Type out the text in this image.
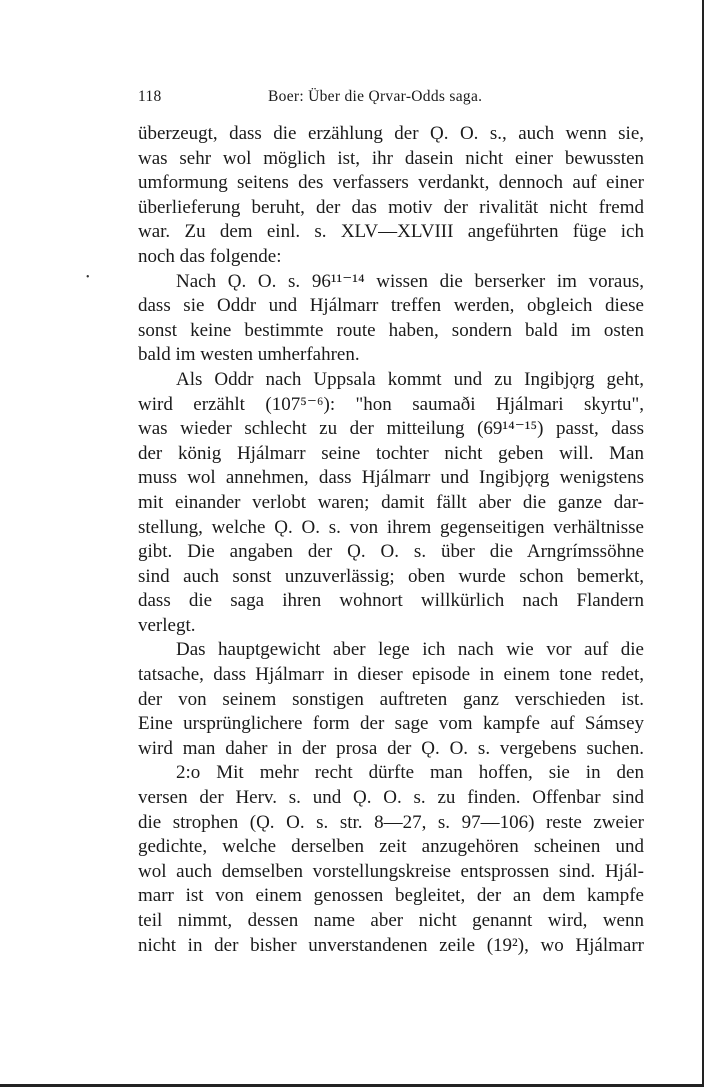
118	Boer: Über die Ǫrvar-Odds saga.
•
überzeugt, dass die erzählung der Ǫ. O. s., auch wenn sie,
was sehr wol möglich ist, ihr dasein nicht einer bewussten
umformung seitens des verfassers verdankt, dennoch auf einer
überlieferung beruht, der das motiv der rivalität nicht fremd
war. Zu dem einl. s. XLV—XLVIII angeführten füge ich
noch das folgende:
Nach Ǫ. O. s. 96¹¹⁻¹⁴ wissen die berserker im voraus,
dass sie Oddr und Hjálmarr treffen werden, obgleich diese
sonst keine bestimmte route haben, sondern bald im osten
bald im westen umherfahren.
Als Oddr nach Uppsala kommt und zu Ingibjǫrg geht,
wird erzählt (107⁵⁻⁶): "hon saumaði Hjálmari skyrtu",
was wieder schlecht zu der mitteilung (69¹⁴⁻¹⁵) passt, dass
der könig Hjálmarr seine tochter nicht geben will. Man
muss wol annehmen, dass Hjálmarr und Ingibjǫrg wenigstens
mit einander verlobt waren; damit fällt aber die ganze dar-
stellung, welche Ǫ. O. s. von ihrem gegenseitigen verhältnisse
gibt. Die angaben der Ǫ. O. s. über die Arngrímssöhne
sind auch sonst unzuverlässig; oben wurde schon bemerkt,
dass die saga ihren wohnort willkürlich nach Flandern
verlegt.
Das hauptgewicht aber lege ich nach wie vor auf die
tatsache, dass Hjálmarr in dieser episode in einem tone redet,
der von seinem sonstigen auftreten ganz verschieden ist.
Eine ursprünglichere form der sage vom kampfe auf Sámsey
wird man daher in der prosa der Ǫ. O. s. vergebens suchen.
2:o Mit mehr recht dürfte man hoffen, sie in den
versen der Herv. s. und Ǫ. O. s. zu finden. Offenbar sind
die strophen (Ǫ. O. s. str. 8—27, s. 97—106) reste zweier
gedichte, welche derselben zeit anzugehören scheinen und
wol auch demselben vorstellungskreise entsprossen sind. Hjál-
marr ist von einem genossen begleitet, der an dem kampfe
teil nimmt, dessen name aber nicht genannt wird, wenn
nicht in der bisher unverstandenen zeile (19²), wo Hjálmarr
